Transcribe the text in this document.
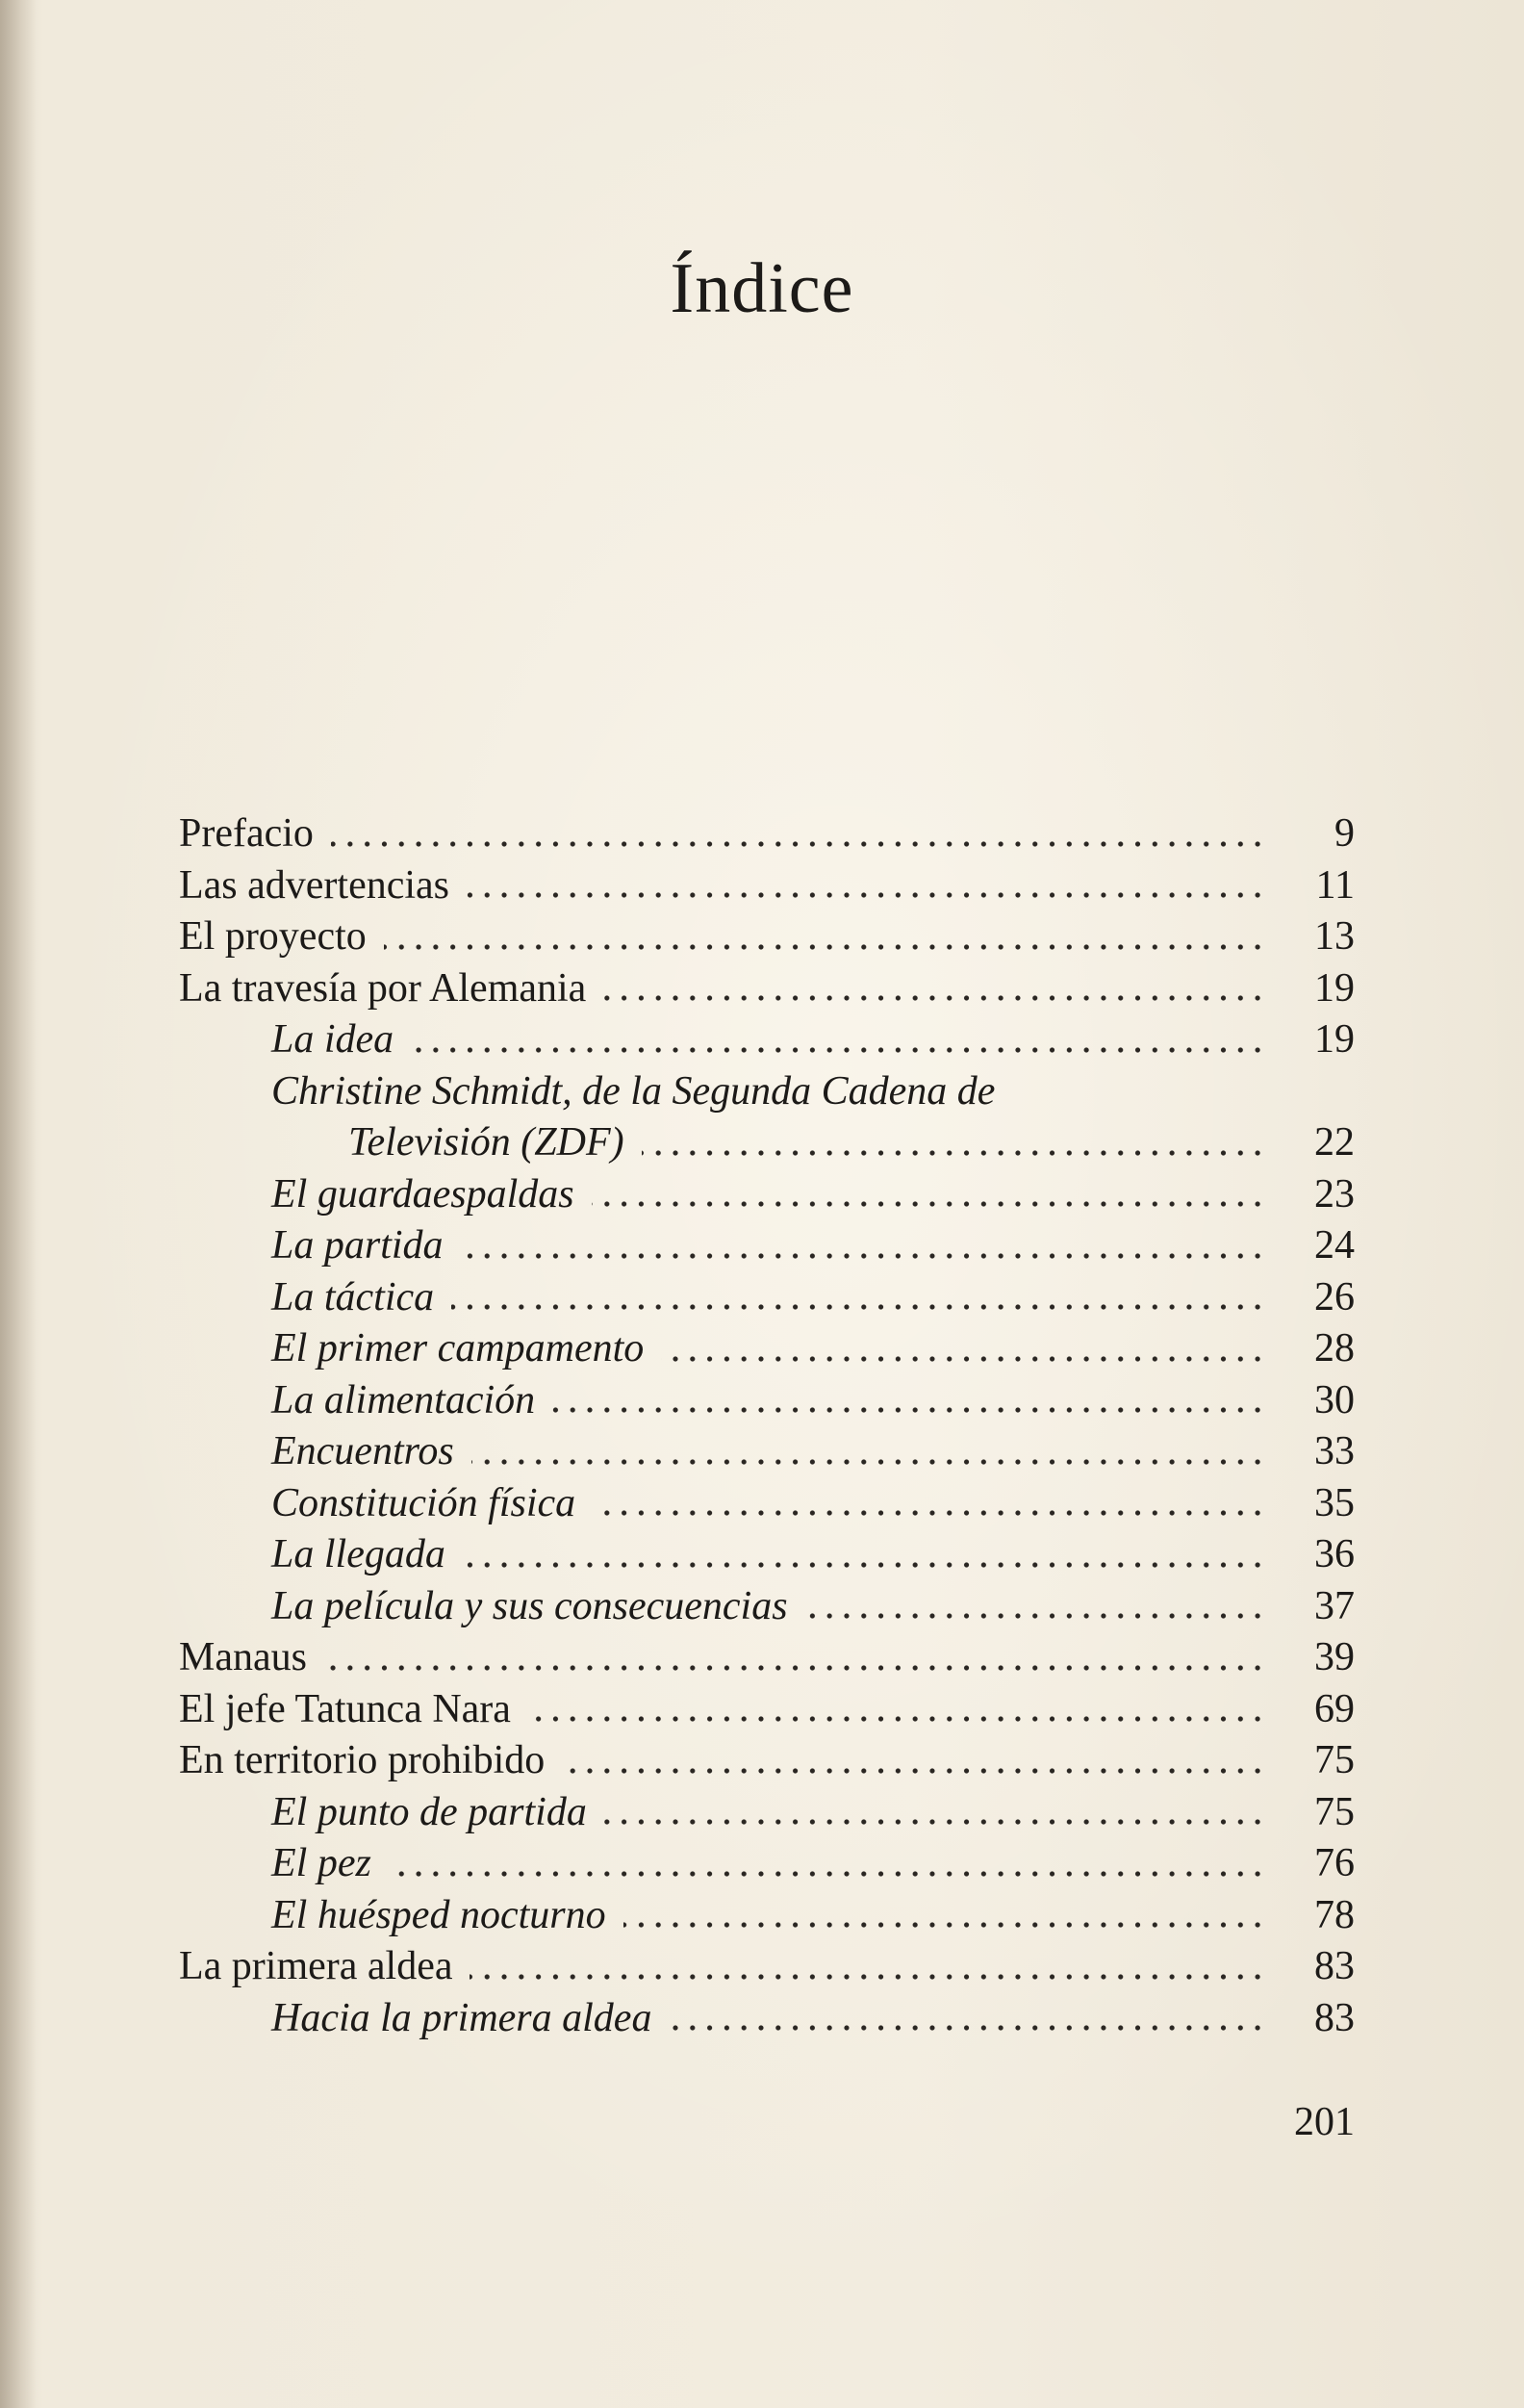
Índice
Prefacio	9
Las advertencias	11
El proyecto	13
La travesía por Alemania	19
La idea	19
Christine Schmidt, de la Segunda Cadena de
Televisión (ZDF)	22
El guardaespaldas	23
La partida	24
La táctica	26
El primer campamento	28
La alimentación	30
Encuentros	33
Constitución física	35
La llegada	36
La película y sus consecuencias	37
Manaus	39
El jefe Tatunca Nara	69
En territorio prohibido	75
El punto de partida	75
El pez	76
El huésped nocturno	78
La primera aldea	83
Hacia la primera aldea	83
201
